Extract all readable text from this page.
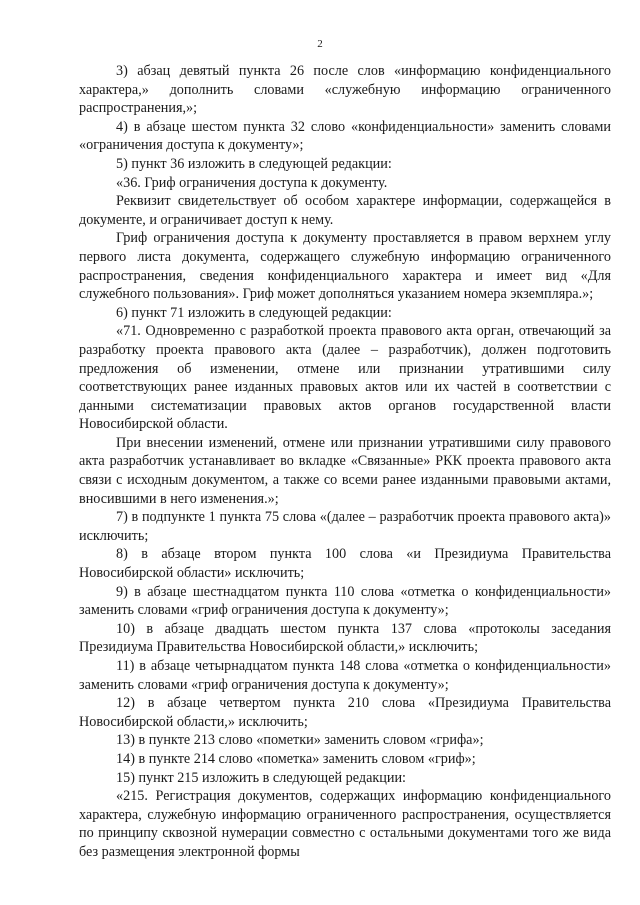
2

3) абзац девятый пункта 26 после слов «информацию конфиденциального характера,» дополнить словами «служебную информацию ограниченного распространения,»;

4) в абзаце шестом пункта 32 слово «конфиденциальности» заменить словами «ограничения доступа к документу»;

5) пункт 36 изложить в следующей редакции:

«36. Гриф ограничения доступа к документу.

Реквизит свидетельствует об особом характере информации, содержащейся в документе, и ограничивает доступ к нему.

Гриф ограничения доступа к документу проставляется в правом верхнем углу первого листа документа, содержащего служебную информацию ограниченного распространения, сведения конфиденциального характера и имеет вид «Для служебного пользования». Гриф может дополняться указанием номера экземпляра.»;

6) пункт 71 изложить в следующей редакции:

«71. Одновременно с разработкой проекта правового акта орган, отвечающий за разработку проекта правового акта (далее – разработчик), должен подготовить предложения об изменении, отмене или признании утратившими силу соответствующих ранее изданных правовых актов или их частей в соответствии с данными систематизации правовых актов органов государственной власти Новосибирской области.

При внесении изменений, отмене или признании утратившими силу правового акта разработчик устанавливает во вкладке «Связанные» РКК проекта правового акта связи с исходным документом, а также со всеми ранее изданными правовыми актами, вносившими в него изменения.»;

7) в подпункте 1 пункта 75 слова «(далее – разработчик проекта правового акта)» исключить;

8) в абзаце втором пункта 100 слова «и Президиума Правительства Новосибирской области» исключить;

9) в абзаце шестнадцатом пункта 110 слова «отметка о конфиденциальности» заменить словами «гриф ограничения доступа к документу»;

10) в абзаце двадцать шестом пункта 137 слова «протоколы заседания Президиума Правительства Новосибирской области,» исключить;

11) в абзаце четырнадцатом пункта 148 слова «отметка о конфиденциальности» заменить словами «гриф ограничения доступа к документу»;

12) в абзаце четвертом пункта 210 слова «Президиума Правительства Новосибирской области,» исключить;

13) в пункте 213 слово «пометки» заменить словом «грифа»;

14) в пункте 214 слово «пометка» заменить словом «гриф»;

15) пункт 215 изложить в следующей редакции:

«215. Регистрация документов, содержащих информацию конфиденциального характера, служебную информацию ограниченного распространения, осуществляется по принципу сквозной нумерации совместно с остальными документами того же вида без размещения электронной формы
